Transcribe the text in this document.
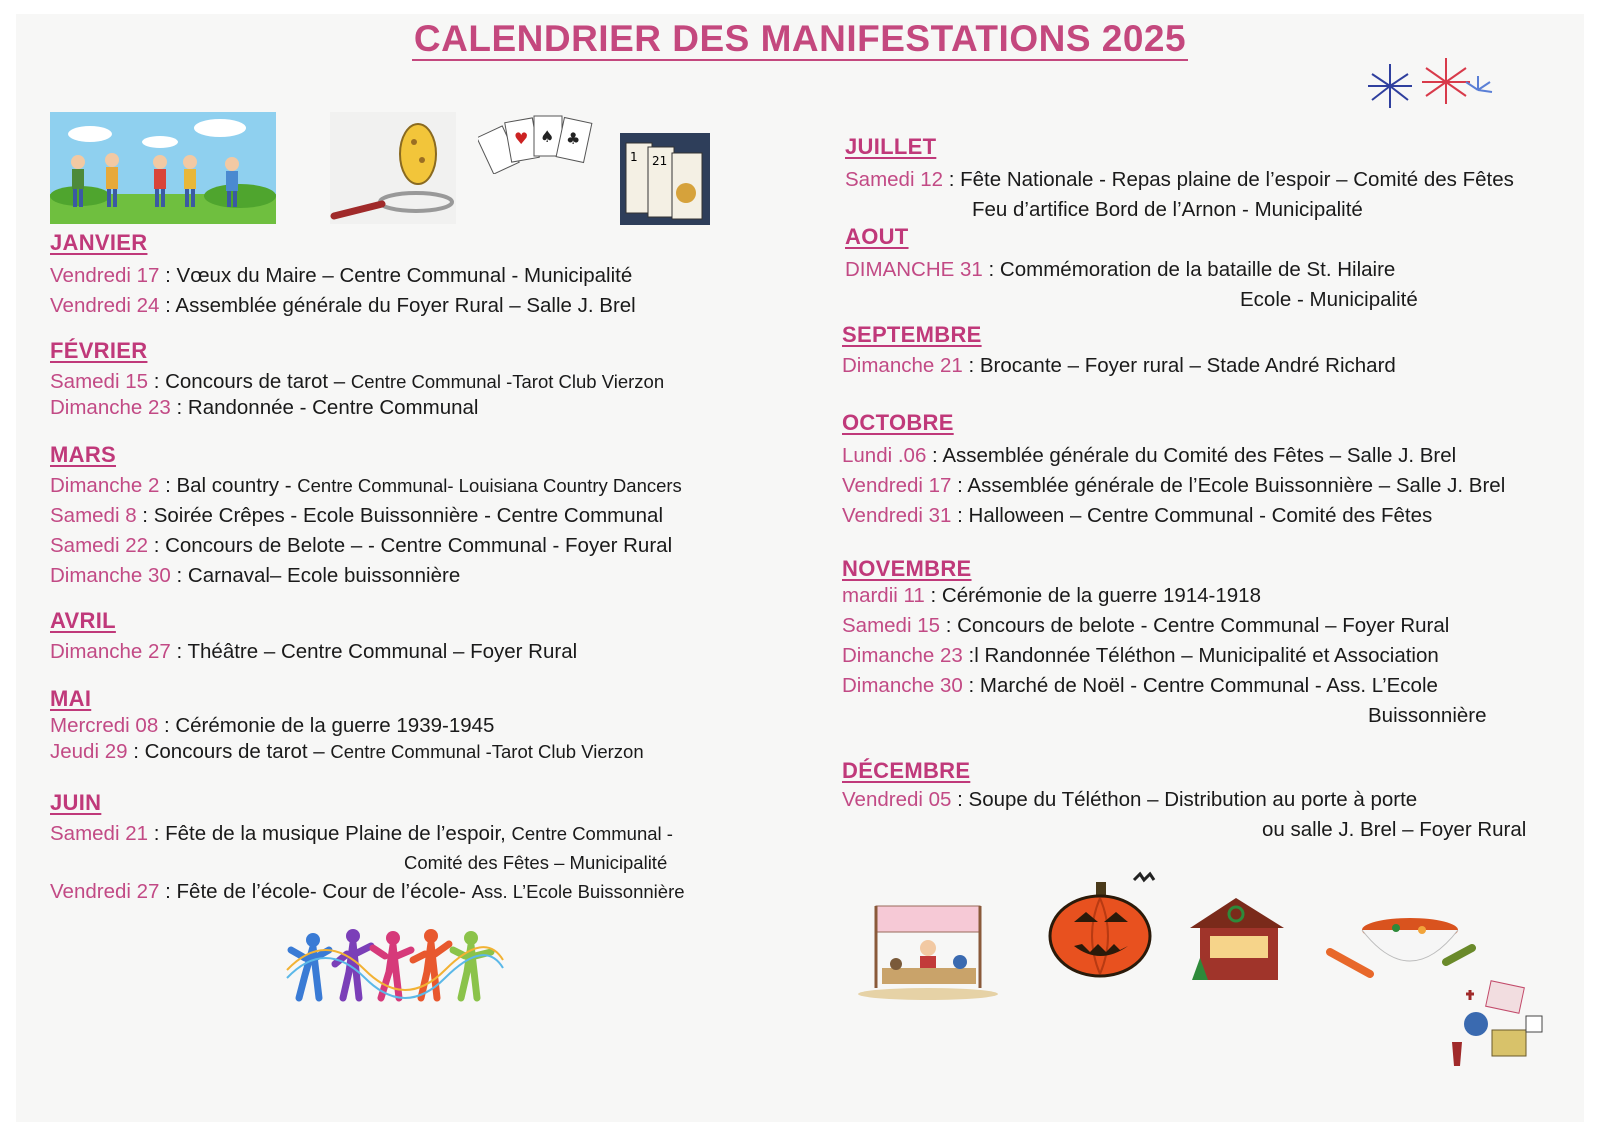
CALENDRIER DES MANIFESTATIONS 2025
♠ ♣
♥
1 21
JANVIER
Vendredi 17 : Vœux du Maire – Centre Communal - Municipalité
Vendredi 24 : Assemblée générale du Foyer Rural – Salle J. Brel
FÉVRIER
Samedi 15 : Concours de tarot – Centre Communal -Tarot Club Vierzon
Dimanche 23 : Randonnée - Centre Communal
MARS
Dimanche 2 : Bal country - Centre Communal- Louisiana Country Dancers
Samedi 8 : Soirée Crêpes - Ecole Buissonnière - Centre Communal
Samedi 22 : Concours de Belote – - Centre Communal - Foyer Rural
Dimanche 30 : Carnaval– Ecole buissonnière
AVRIL
Dimanche 27 : Théâtre – Centre Communal – Foyer Rural
MAI
Mercredi 08 : Cérémonie de la guerre 1939-1945
Jeudi 29 : Concours de tarot – Centre Communal -Tarot Club Vierzon
JUIN
Samedi 21 : Fête de la musique Plaine de l’espoir, Centre Communal -
Comité des Fêtes – Municipalité
Vendredi 27 : Fête de l’école- Cour de l’école- Ass. L’Ecole Buissonnière
JUILLET
Samedi 12 : Fête Nationale - Repas plaine de l’espoir – Comité des Fêtes
Feu d’artifice Bord de l’Arnon - Municipalité
AOUT
DIMANCHE 31 : Commémoration de la bataille de St. Hilaire
Ecole - Municipalité
SEPTEMBRE
Dimanche 21 : Brocante – Foyer rural – Stade André Richard
OCTOBRE
Lundi .06 : Assemblée générale du Comité des Fêtes – Salle J. Brel
Vendredi 17 : Assemblée générale de l’Ecole Buissonnière – Salle J. Brel
Vendredi 31 : Halloween – Centre Communal - Comité des Fêtes
NOVEMBRE
mardii 11 : Cérémonie de la guerre 1914-1918
Samedi 15 : Concours de belote - Centre Communal – Foyer Rural
Dimanche 23 :l Randonnée Téléthon – Municipalité et Association
Dimanche 30 : Marché de Noël - Centre Communal - Ass. L’Ecole
Buissonnière
DÉCEMBRE
Vendredi 05 : Soupe du Téléthon – Distribution au porte à porte
ou salle J. Brel – Foyer Rural
